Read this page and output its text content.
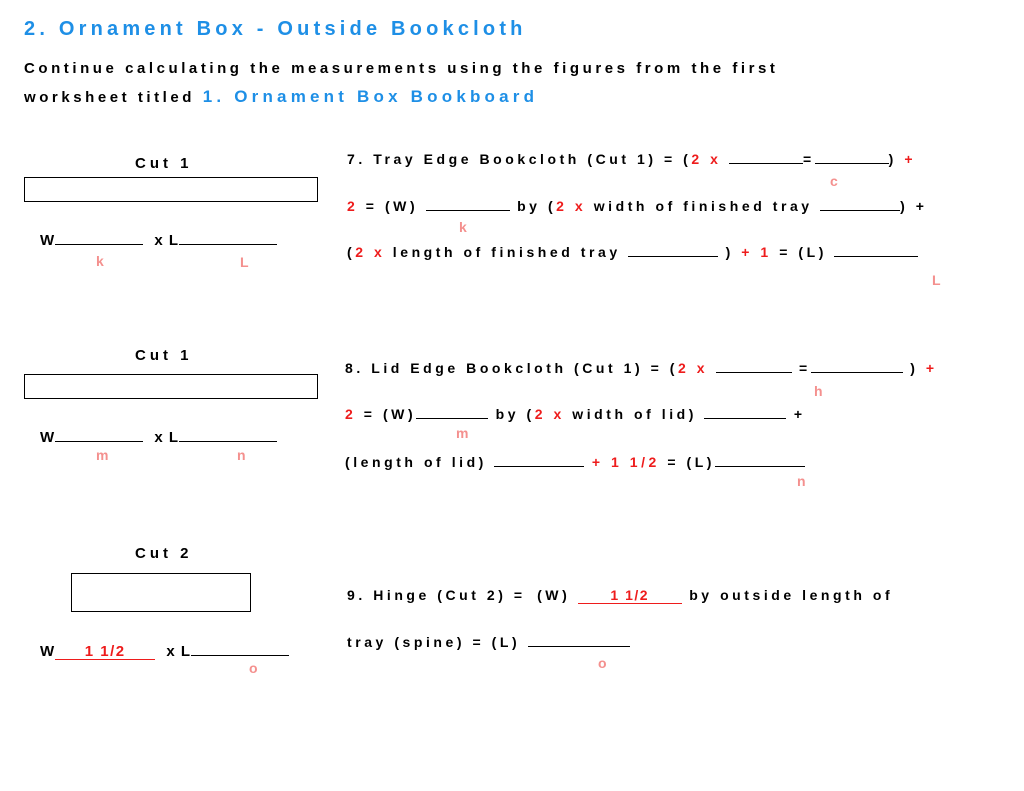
2. Ornament Box - Outside Bookcloth
Continue calculating the measurements using the figures from the first
worksheet titled 1. Ornament Box Bookboard
Cut 1
W	x L
k	L
7. Tray Edge Bookcloth (Cut 1) = (2 x	=	) +
c
2 = (W)	by (2 x width of finished tray	) +
k
(2 x length of finished tray	) + 1 = (L)
L
Cut 1
W	x L
m	n
8. Lid Edge Bookcloth (Cut 1) = (2 x	=	) +
h
2 = (W)	by (2 x width of lid)	+
m
(length of lid)	+ 1 1/2 = (L)
n
Cut 2
W 1 1/2	x L
o
9. Hinge (Cut 2) = (W)	1 1/2	by outside length of
tray (spine) = (L)
o
